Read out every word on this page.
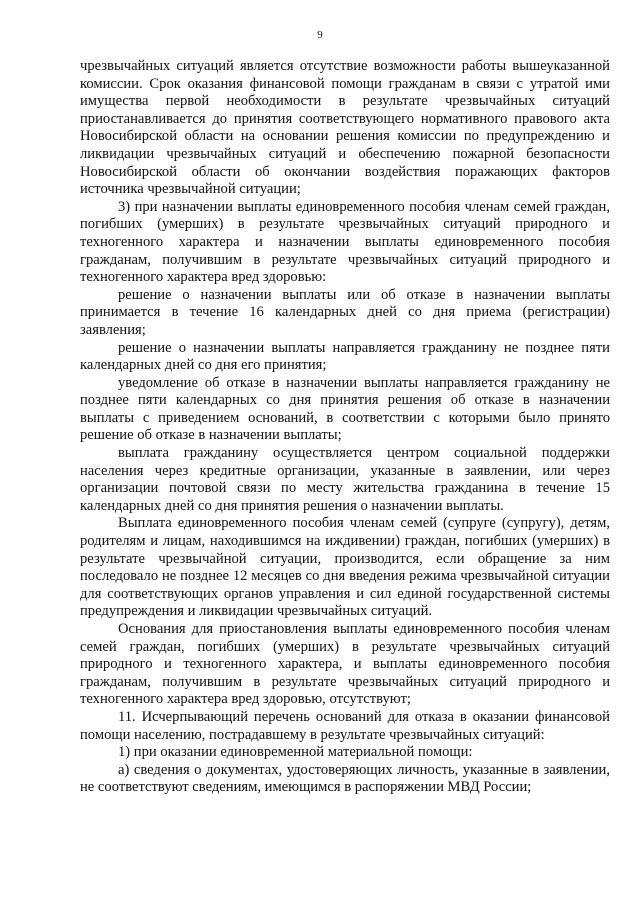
9

чрезвычайных ситуаций является отсутствие возможности работы вышеуказанной комиссии. Срок оказания финансовой помощи гражданам в связи с утратой ими имущества первой необходимости в результате чрезвычайных ситуаций приостанавливается до принятия соответствующего нормативного правового акта Новосибирской области на основании решения комиссии по предупреждению и ликвидации чрезвычайных ситуаций и обеспечению пожарной безопасности Новосибирской области об окончании воздействия поражающих факторов источника чрезвычайной ситуации;

3) при назначении выплаты единовременного пособия членам семей граждан, погибших (умерших) в результате чрезвычайных ситуаций природного и техногенного характера и назначении выплаты единовременного пособия гражданам, получившим в результате чрезвычайных ситуаций природного и техногенного характера вред здоровью:

решение о назначении выплаты или об отказе в назначении выплаты принимается в течение 16 календарных дней со дня приема (регистрации) заявления;

решение о назначении выплаты направляется гражданину не позднее пяти календарных дней со дня его принятия;

уведомление об отказе в назначении выплаты направляется гражданину не позднее пяти календарных со дня принятия решения об отказе в назначении выплаты с приведением оснований, в соответствии с которыми было принято решение об отказе в назначении выплаты;

выплата гражданину осуществляется центром социальной поддержки населения через кредитные организации, указанные в заявлении, или через организации почтовой связи по месту жительства гражданина в течение 15 календарных дней со дня принятия решения о назначении выплаты.

Выплата единовременного пособия членам семей (супруге (супругу), детям, родителям и лицам, находившимся на иждивении) граждан, погибших (умерших) в результате чрезвычайной ситуации, производится, если обращение за ним последовало не позднее 12 месяцев со дня введения режима чрезвычайной ситуации для соответствующих органов управления и сил единой государственной системы предупреждения и ликвидации чрезвычайных ситуаций.

Основания для приостановления выплаты единовременного пособия членам семей граждан, погибших (умерших) в результате чрезвычайных ситуаций природного и техногенного характера, и выплаты единовременного пособия гражданам, получившим в результате чрезвычайных ситуаций природного и техногенного характера вред здоровью, отсутствуют;

11. Исчерпывающий перечень оснований для отказа в оказании финансовой помощи населению, пострадавшему в результате чрезвычайных ситуаций:

1) при оказании единовременной материальной помощи:

а) сведения о документах, удостоверяющих личность, указанные в заявлении, не соответствуют сведениям, имеющимся в распоряжении МВД России;
